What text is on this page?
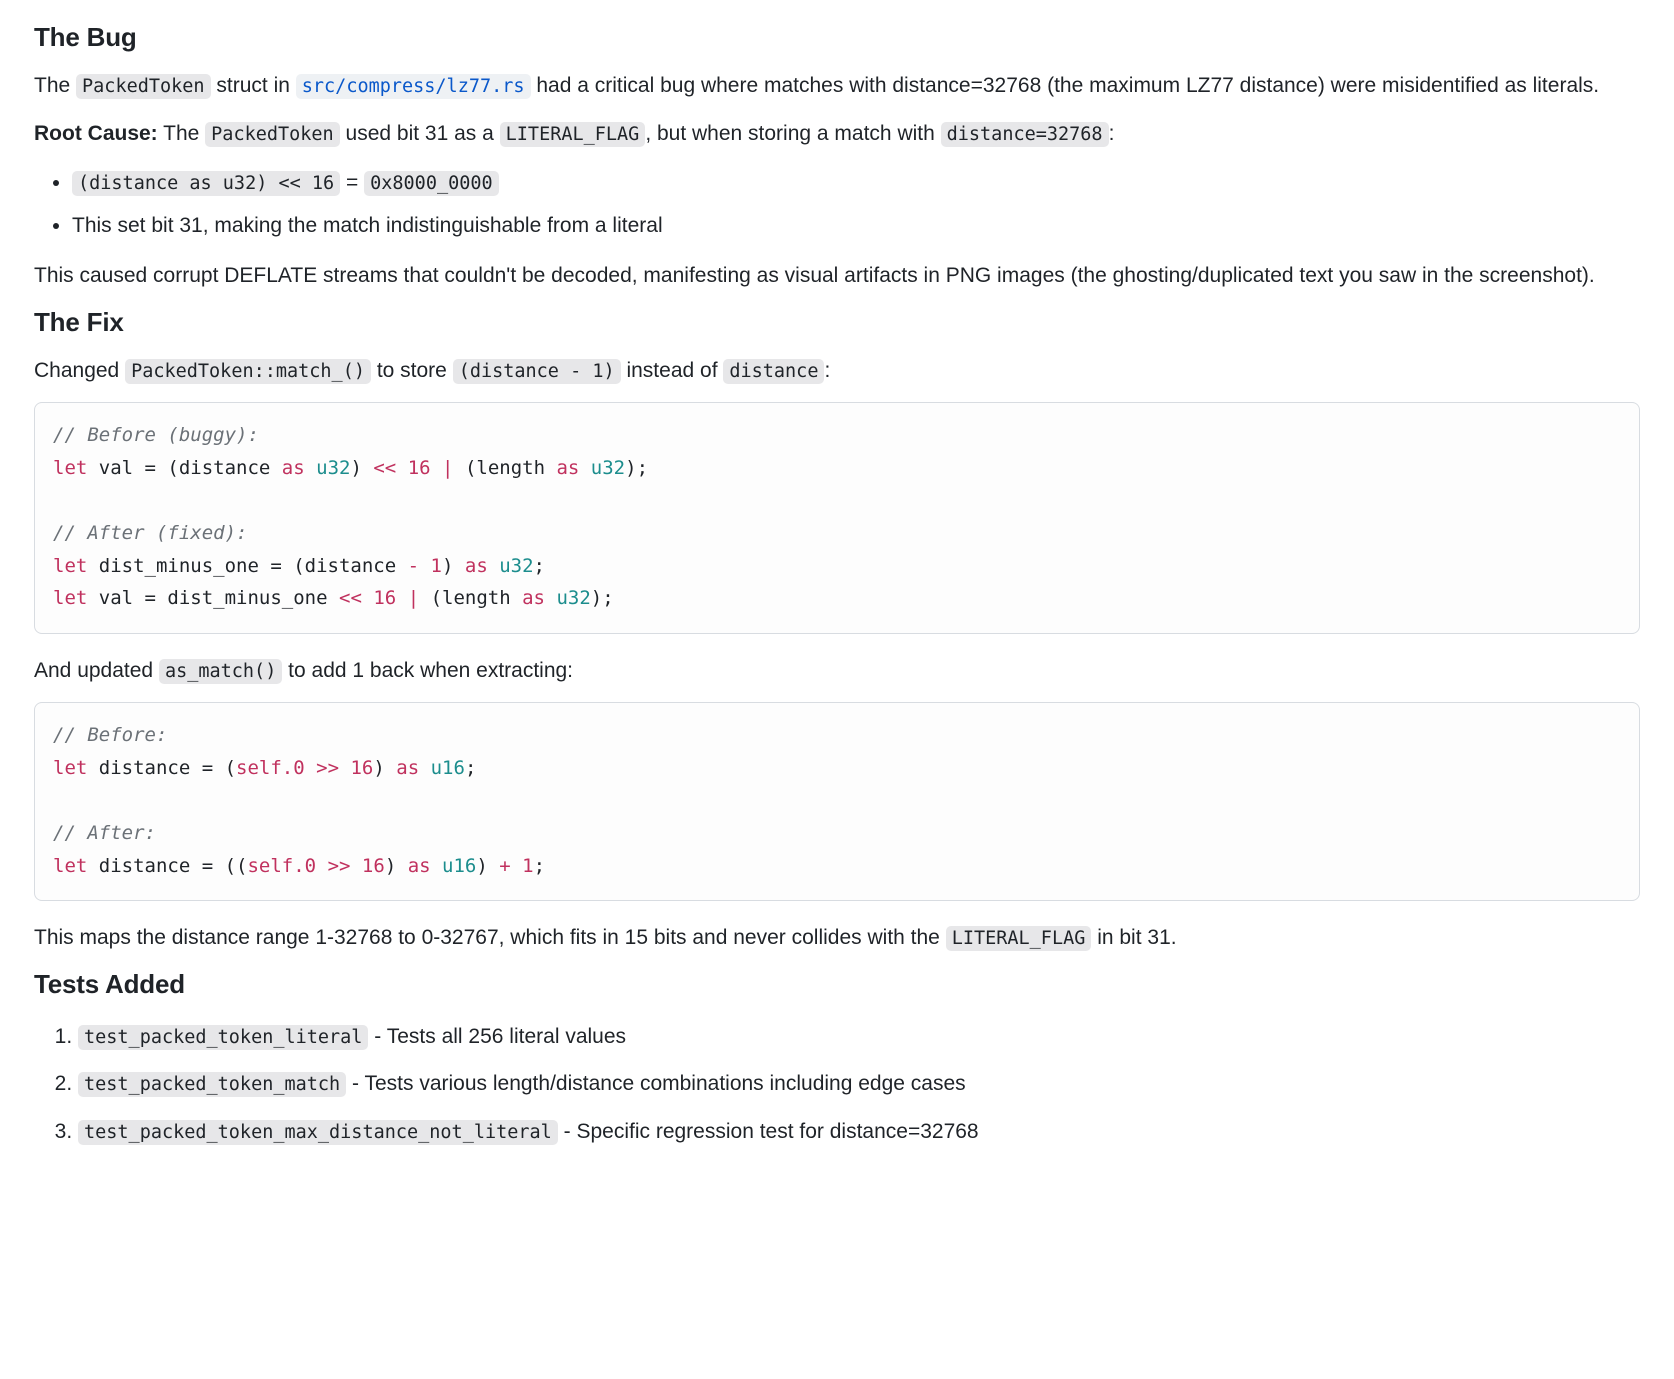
The Bug

The PackedToken struct in src/compress/lz77.rs had a critical bug where matches with distance=32768 (the maximum LZ77 distance) were misidentified as literals.

Root Cause: The PackedToken used bit 31 as a LITERAL_FLAG , but when storing a match with distance=32768 :

• (distance as u32) << 16 = 0x8000_0000
• This set bit 31, making the match indistinguishable from a literal

This caused corrupt DEFLATE streams that couldn't be decoded, manifesting as visual artifacts in PNG images (the ghosting/duplicated text you saw in the screenshot).

The Fix

Changed PackedToken::match_() to store (distance - 1) instead of distance :

// Before (buggy):
let val = (distance as u32) << 16 | (length as u32);

// After (fixed):
let dist_minus_one = (distance - 1) as u32;
let val = dist_minus_one << 16 | (length as u32);

And updated as_match() to add 1 back when extracting:

// Before:
let distance = (self.0 >> 16) as u16;

// After:
let distance = ((self.0 >> 16) as u16) + 1;

This maps the distance range 1-32768 to 0-32767, which fits in 15 bits and never collides with the LITERAL_FLAG in bit 31.

Tests Added
1. test_packed_token_literal - Tests all 256 literal values
2. test_packed_token_match - Tests various length/distance combinations including edge cases
3. test_packed_token_max_distance_not_literal - Specific regression test for distance=32768
